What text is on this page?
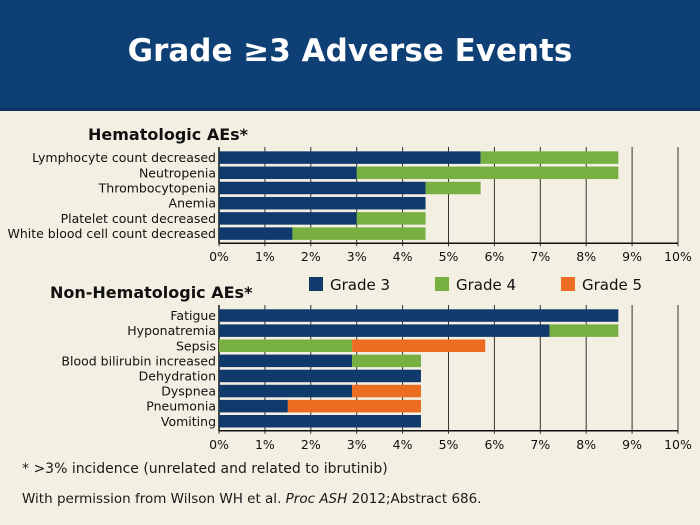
Grade ≥3 Adverse Events
Hematologic AEs*
0% 1% 2% 3% 4% 5% 6% 7% 8% 9% 10%
Lymphocyte count decreased
Neutropenia
Thrombocytopenia
Anemia
Platelet count decreased
White blood cell count decreased
Grade 3	Grade 4	Grade 5
Non-Hematologic AEs*
0% 1% 2% 3% 4% 5% 6% 7% 8% 9% 10%
Fatigue
Hyponatremia
Sepsis
Blood bilirubin increased
Dehydration
Dyspnea
Pneumonia
Vomiting
* >3% incidence (unrelated and related to ibrutinib)
With permission from Wilson WH et al. Proc ASH 2012;Abstract 686.
